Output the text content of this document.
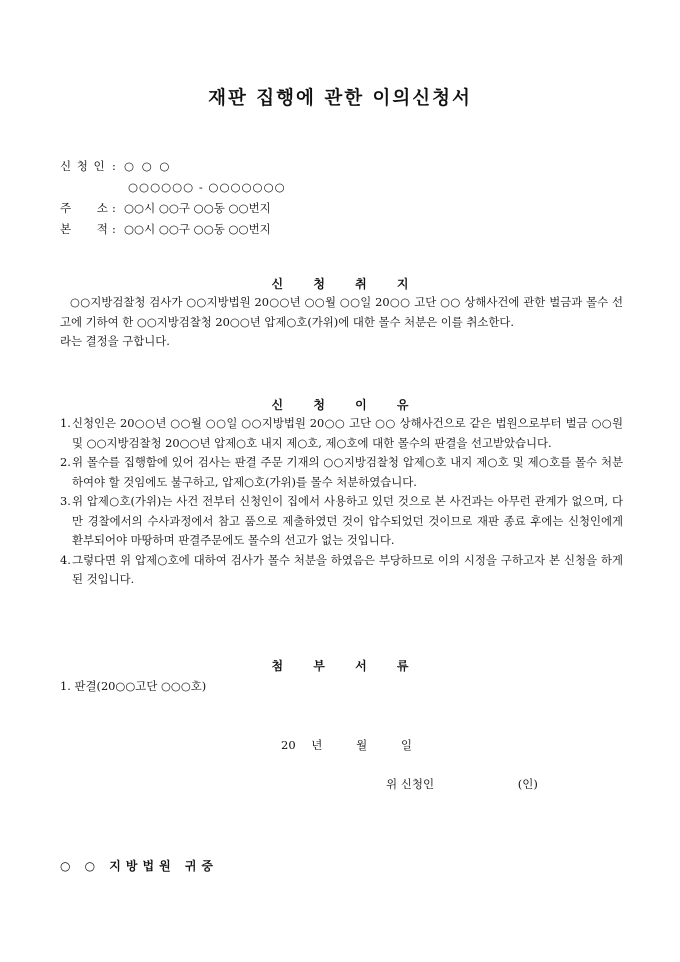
재판 집행에 관한 이의신청서
신 청 인 : ○ ○ ○
○○○○○○ - ○○○○○○○
주 소 : ○○시 ○○구 ○○동 ○○번지
본 적 : ○○시 ○○구 ○○동 ○○번지
신 청 취 지
○○지방검찰청 검사가 ○○지방법원 20○○년 ○○월 ○○일 20○○ 고단 ○○ 상해사건에 관한 벌금과 몰수 선고에 기하여 한 ○○지방검찰청 20○○년 압제○호(가위)에 대한 몰수 처분은 이를 취소한다.
라는 결정을 구합니다.
신 청 이 유
1. 신청인은 20○○년 ○○월 ○○일 ○○지방법원 20○○ 고단 ○○ 상해사건으로 같은 법원으로부터 벌금 ○○원 및 ○○지방검찰청 20○○년 압제○호 내지 제○호, 제○호에 대한 몰수의 판결을 선고받았습니다.
2. 위 몰수를 집행함에 있어 검사는 판결 주문 기재의 ○○지방검찰청 압제○호 내지 제○호 및 제○호를 몰수 처분하여야 할 것임에도 불구하고, 압제○호(가위)를 몰수 처분하였습니다.
3. 위 압제○호(가위)는 사건 전부터 신청인이 집에서 사용하고 있던 것으로 본 사건과는 아무런 관계가 없으며, 다만 경찰에서의 수사과정에서 참고 품으로 제출하였던 것이 압수되었던 것이므로 재판 종료 후에는 신청인에게 환부되어야 마땅하며 판결주문에도 몰수의 선고가 없는 것입니다.
4. 그렇다면 위 압제○호에 대하여 검사가 몰수 처분을 하였음은 부당하므로 이의 시정을 구하고자 본 신청을 하게 된 것입니다.
첨 부 서 류
1. 판결(20○○고단 ○○○호)
20 년	월	일
위 신청인	(인)
○ ○ 지방법원 귀중
